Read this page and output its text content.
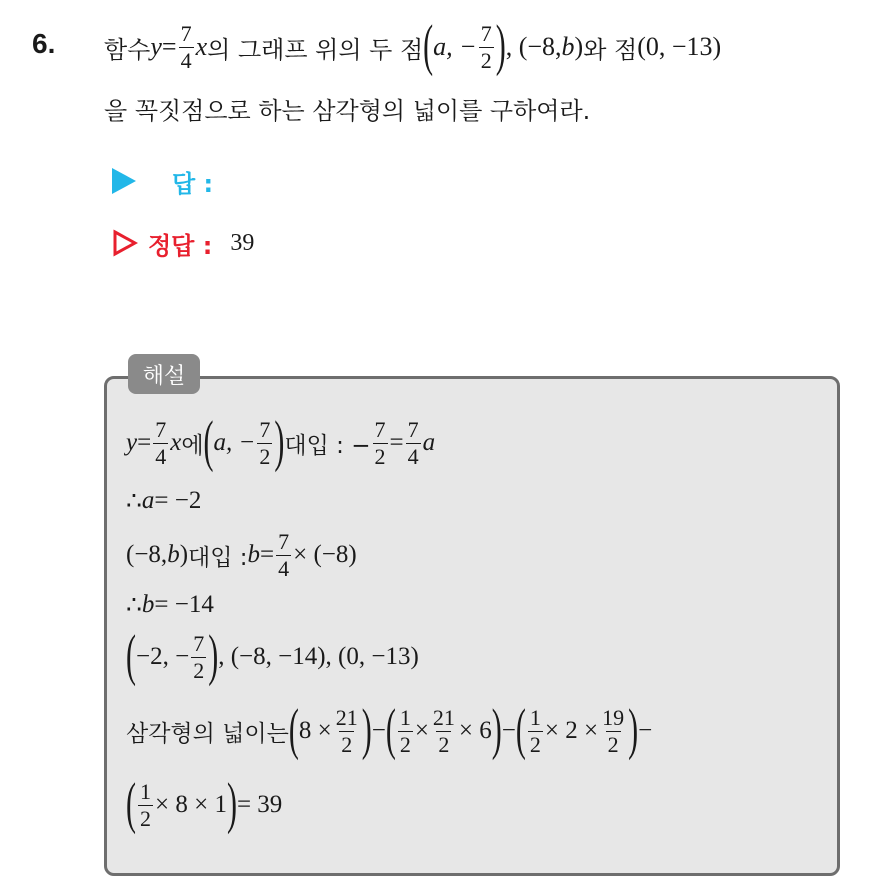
6. 함수 $y = \frac{7}{4}$ x 의 그래프 위의 두 점 ( a, − $\frac{7}{2}$ ) , (−8, b ) 와 점 (0, −13)
을 꼭짓점으로 하는 삼각형의 넓이를 구하여라.
답 :
정답 : 39
해설
$y = \frac{7}{4}$ x 에 ( a, − $\frac{7}{2}$ ) 대입 : − $\frac{7}{2} = \frac{7}{4}$ a
∴ a = −2
(−8, b ) 대입 : $b = \frac{7}{4} \times (-8)$
∴ b = −14
( −2, − $\frac{7}{2}$ ) , (−8, −14), (0, −13)
삼각형의 넓이는 ( $8 \times \frac{21}{2}$ ) − ( $\frac{1}{2} \times \frac{21}{2} \times 6$ ) − ( $\frac{1}{2} \times 2 \times \frac{19}{2}$ ) −
( $\frac{1}{2} \times 8 \times 1$ ) = 39
